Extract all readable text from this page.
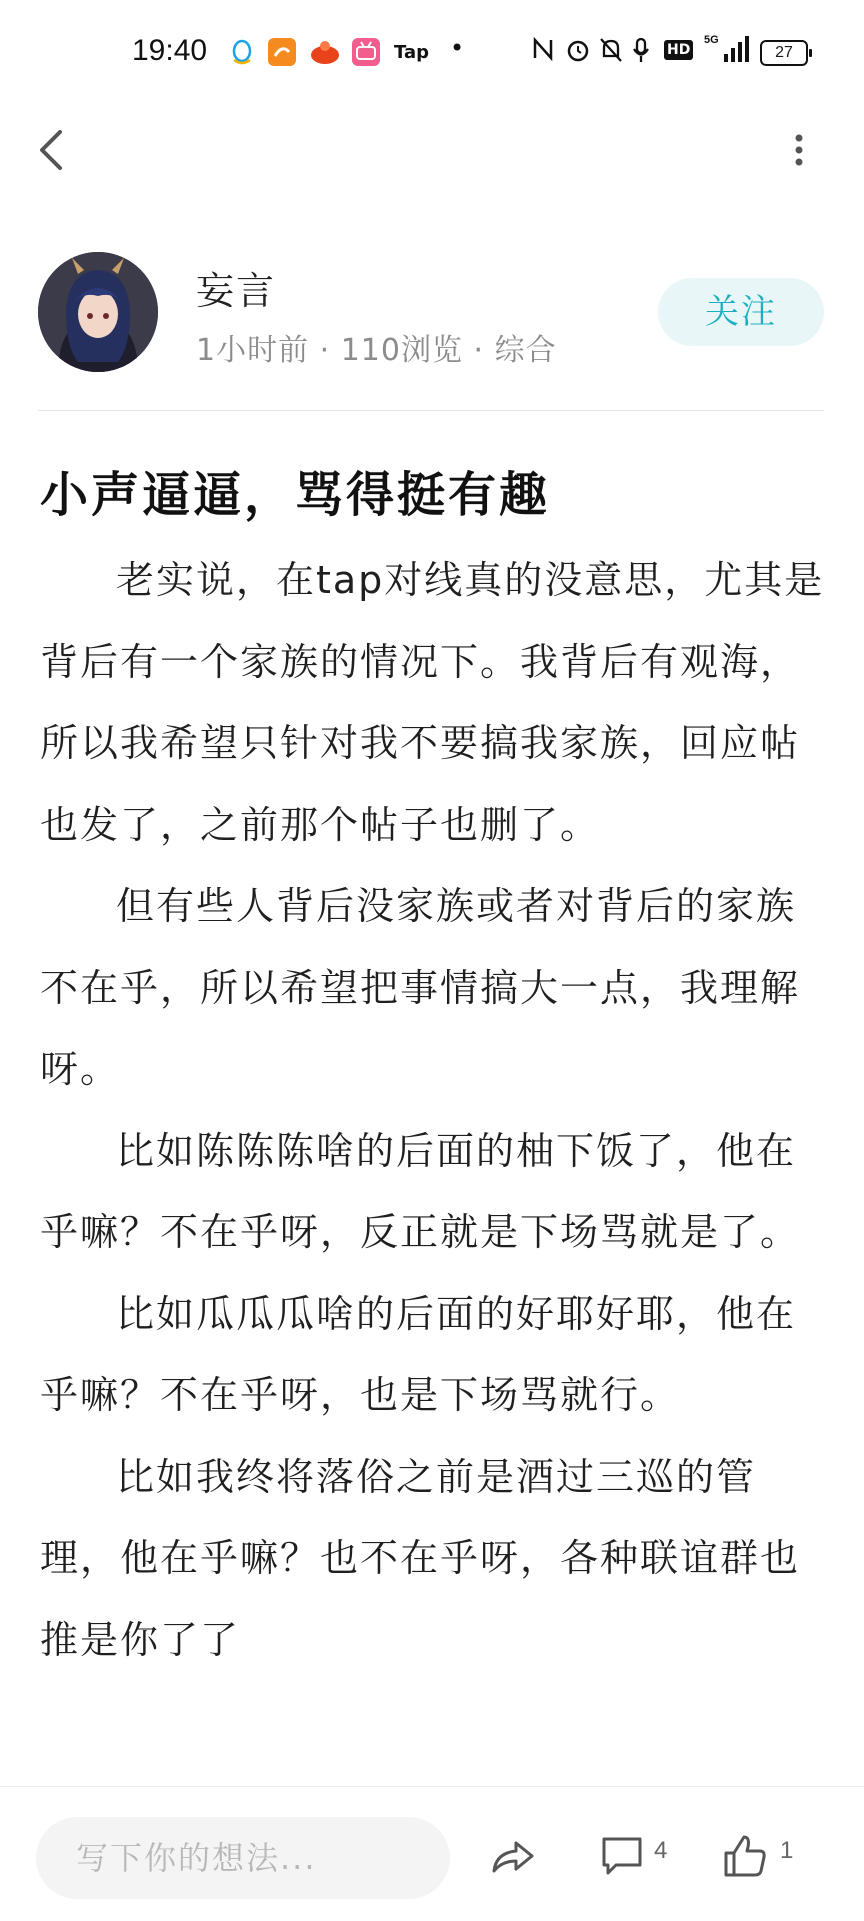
19:40	Tap •	HD
5G
27
妄言
1小时前 · 110浏览 · 综合
关注
小声逼逼，骂得挺有趣

老实说，在tap对线真的没意思，尤其是背后有一个家族的情况下。我背后有观海，所以我希望只针对我不要搞我家族，回应帖也发了，之前那个帖子也删了。

但有些人背后没家族或者对背后的家族不在乎，所以希望把事情搞大一点，我理解呀。

比如陈陈陈啥的后面的柚下饭了，他在乎嘛？不在乎呀，反正就是下场骂就是了。

比如瓜瓜瓜啥的后面的好耶好耶，他在乎嘛？不在乎呀，也是下场骂就行。

比如我终将落俗之前是酒过三巡的管理，他在乎嘛？也不在乎呀，各种联谊群也推是你了了

写下你的想法...	4	1
